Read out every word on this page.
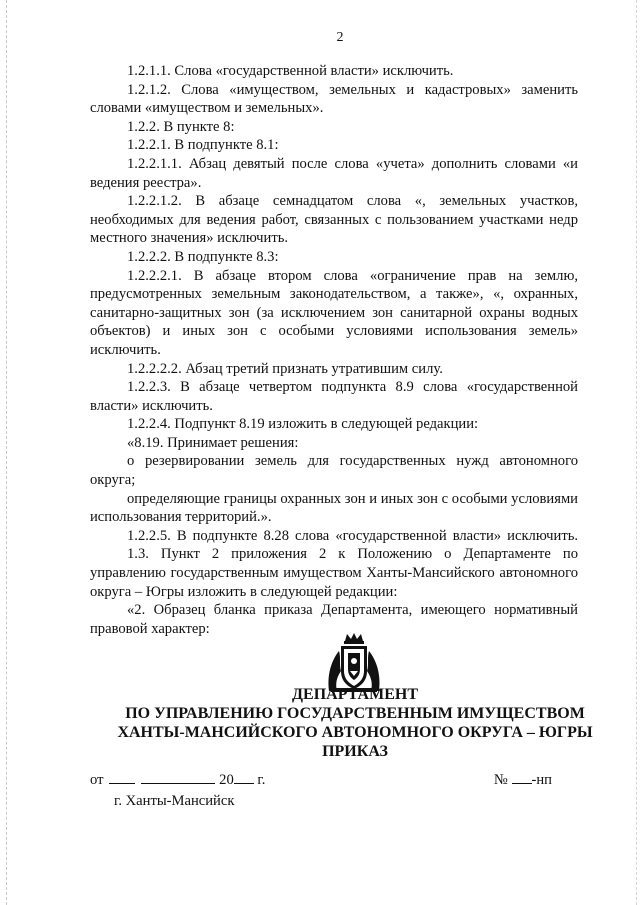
2

1.2.1.1. Слова «государственной власти» исключить.

1.2.1.2. Слова «имуществом, земельных и кадастровых» заменить словами «имуществом и земельных».

1.2.2. В пункте 8:

1.2.2.1. В подпункте 8.1:

1.2.2.1.1. Абзац девятый после слова «учета» дополнить словами «и ведения реестра».

1.2.2.1.2. В абзаце семнадцатом слова «, земельных участков, необходимых для ведения работ, связанных с пользованием участками недр местного значения» исключить.

1.2.2.2. В подпункте 8.3:

1.2.2.2.1. В абзаце втором слова «ограничение прав на землю, предусмотренных земельным законодательством, а также», «, охранных, санитарно-защитных зон (за исключением зон санитарной охраны водных объектов) и иных зон с особыми условиями использования земель» исключить.

1.2.2.2.2. Абзац третий признать утратившим силу.

1.2.2.3. В абзаце четвертом подпункта 8.9 слова «государственной власти» исключить.

1.2.2.4. Подпункт 8.19 изложить в следующей редакции:

«8.19. Принимает решения:

о резервировании земель для государственных нужд автономного округа;

определяющие границы охранных зон и иных зон с особыми условиями использования территорий.».

1.2.2.5. В подпункте 8.28 слова «государственной власти» исключить.

1.3. Пункт 2 приложения 2 к Положению о Департаменте по управлению государственным имуществом Ханты-Мансийского автономного округа – Югры изложить в следующей редакции:

«2. Образец бланка приказа Департамента, имеющего нормативный правовой характер:

ДЕПАРТАМЕНТ
ПО УПРАВЛЕНИЮ ГОСУДАРСТВЕННЫМ ИМУЩЕСТВОМ
ХАНТЫ-МАНСИЙСКОГО АВТОНОМНОГО ОКРУГА – ЮГРЫ
ПРИКАЗ
от	20 г.	№ -нп
г. Ханты-Мансийск
